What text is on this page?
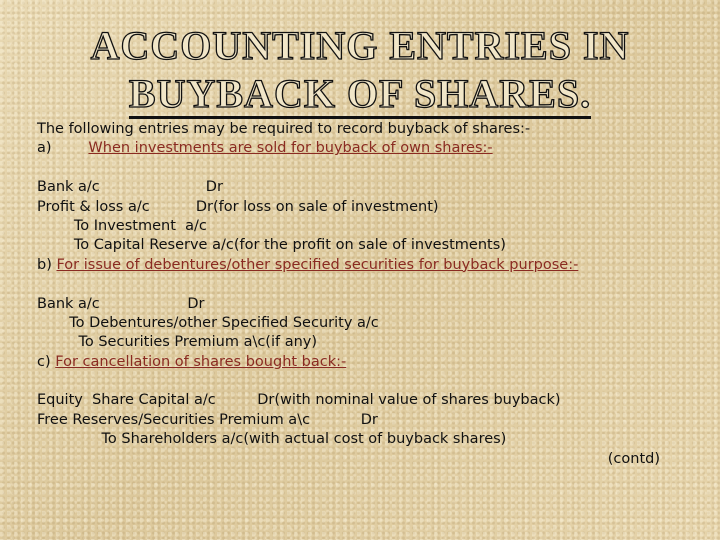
ACCOUNTING ENTRIES IN
BUYBACK OF SHARES.
The following entries may be required to record buyback of shares:-
a)	When investments are sold for buyback of own shares:-
Bank a/c	Dr
Profit & loss a/c	Dr(for loss on sale of investment)
To Investment  a/c
To Capital Reserve a/c(for the profit on sale of investments)
b) For issue of debentures/other specified securities for buyback purpose:-
Bank a/c	Dr
To Debentures/other Specified Security a/c
To Securities Premium a\c(if any)
c) For cancellation of shares bought back:-
Equity  Share Capital a/c	Dr(with nominal value of shares buyback)
Free Reserves/Securities Premium a\c	Dr
To Shareholders a/c(with actual cost of buyback shares)
(contd)
